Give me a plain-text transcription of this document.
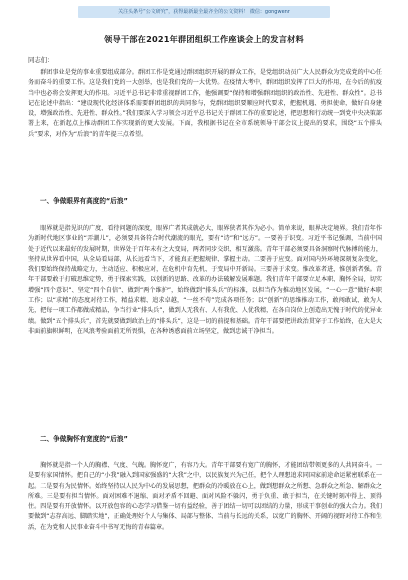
关注头条号“公文研究”，获得最新最全最齐全的公文资料！ 微信：gongwenr
领导干部在2021年群团组织工作座谈会上的发言材料
同志们：

群团事业是党的事业重要组成部分。群团工作是党通过群团组织开展的群众工作，是党组织动员广大人民群众为完成党的中心任务而奋斗的重要工作。这是我们党的一大创举，也是我们党的一大优势。在疫情大考中，群团组织发挥了巨大的作用，在今后的抗疫当中也必将会发挥更大的作用。习近平总书记非常重视群团工作，他强调要“保持和增强群团组织的政治性、先进性、群众性”。总书记在论述中指出：“建设现代化经济体系需要群团组织的共同参与，党群团组织要顺应时代要求，把握机遇、勇担使命，做好自身建设，增强政治性、先进性、群众性。”我们要深入学习领会习近平总书记关于群团工作的重要论述，把思想和行动统一到党中央决策部署上来，在新起点上推动群团工作实现新的更大发展。下面，我根据书记在全市系统领导干部会议上提出的要求，围绕“五个排头兵”要求，对作为“后浪”的青年提三点希望。

一、争做眼界有高度的“后浪”

眼界就是指见识的广度、看待问题的深度，眼界广者其成就必大，眼界狭者其作为必小。简单来说，眼界决定境界。我们青年作为新时代地区事业的“弄潮儿”，必须要具备符合时代潮流的眼光，要有“诗”和“远方”。一要善于识变。习近平书记强调，当前中国处于近代以来最好的发展时期，世界处于百年未有之大变局，两者同步交织、相互激荡。青年干部必须要具备洞察时代脉搏的能力，坚持从世界看中国，从全局看局部，从长远看当下，才能真正把握规律、掌握主动。二要善于应变。面对国内外环境深刻复杂变化，我们要始终保持战略定力，主动适应、积极应对，在危机中育先机、于变局中开新局。三要善于求变。惟改革者进，惟创新者强。青年干部要敢于打破思维定势，勇于探索实践，以创新的思路、改革的办法破解发展难题。我们青年干部要立足本职、胸怀全局，切实增强“四个意识”、坚定“四个自信”、做到“两个维护”，始终做到“排头兵”的标准，以担当作为推动地区发展，“一心一意”做好本职工作；以“求精”的态度对待工作，精益求精、追求卓越，“一丝不苟”完成各项任务；以“创新”的思维推动工作，敢闯敢试、敢为人先，把每一项工作都做成精品，争当行业“排头兵”，做到人无我有、人有我优、人优我精，在各自岗位上创造出无愧于时代的优异业绩。做到“五个排头兵”，首先就要做到政治上的“排头兵”，这是一切的前提和基础。青年干部要把讲政治贯穿于工作始终，在大是大非面前旗帜鲜明，在风浪考验面前无所畏惧，在各种诱惑面前立场坚定，做到忠诚干净担当。

二、争做胸怀有宽度的“后浪”

胸怀就是指一个人的胸襟、气度、气魄。胸怀宽广，有容乃大。青年干部要有宽广的胸怀，才能团结带领更多的人共同奋斗。一是要有家国情怀。把自己的“小我”融入到国家强盛的“大我”之中，以民族复兴为己任，把个人理想追求同国家前途命运紧密联系在一起。二是要有为民情怀。始终坚持以人民为中心的发展思想，把群众的冷暖放在心上，做到想群众之所想、急群众之所急、解群众之所难。三是要有担当情怀。面对困难不退缩、面对矛盾不回避、面对风险不躲闪，勇于负重、敢于担当，在关键时刻冲得上、顶得住。四是要有开放情怀。以开放包容的心态学习借鉴一切有益经验，善于团结一切可以团结的力量，形成干事创业的强大合力。我们要做到“志存高远、脚踏实地”，正确处理好个人与集体、局部与整体、当前与长远的关系，以宽广的胸怀、开阔的视野对待工作和生活，在为党和人民事业奋斗中书写无悔的青春篇章。
